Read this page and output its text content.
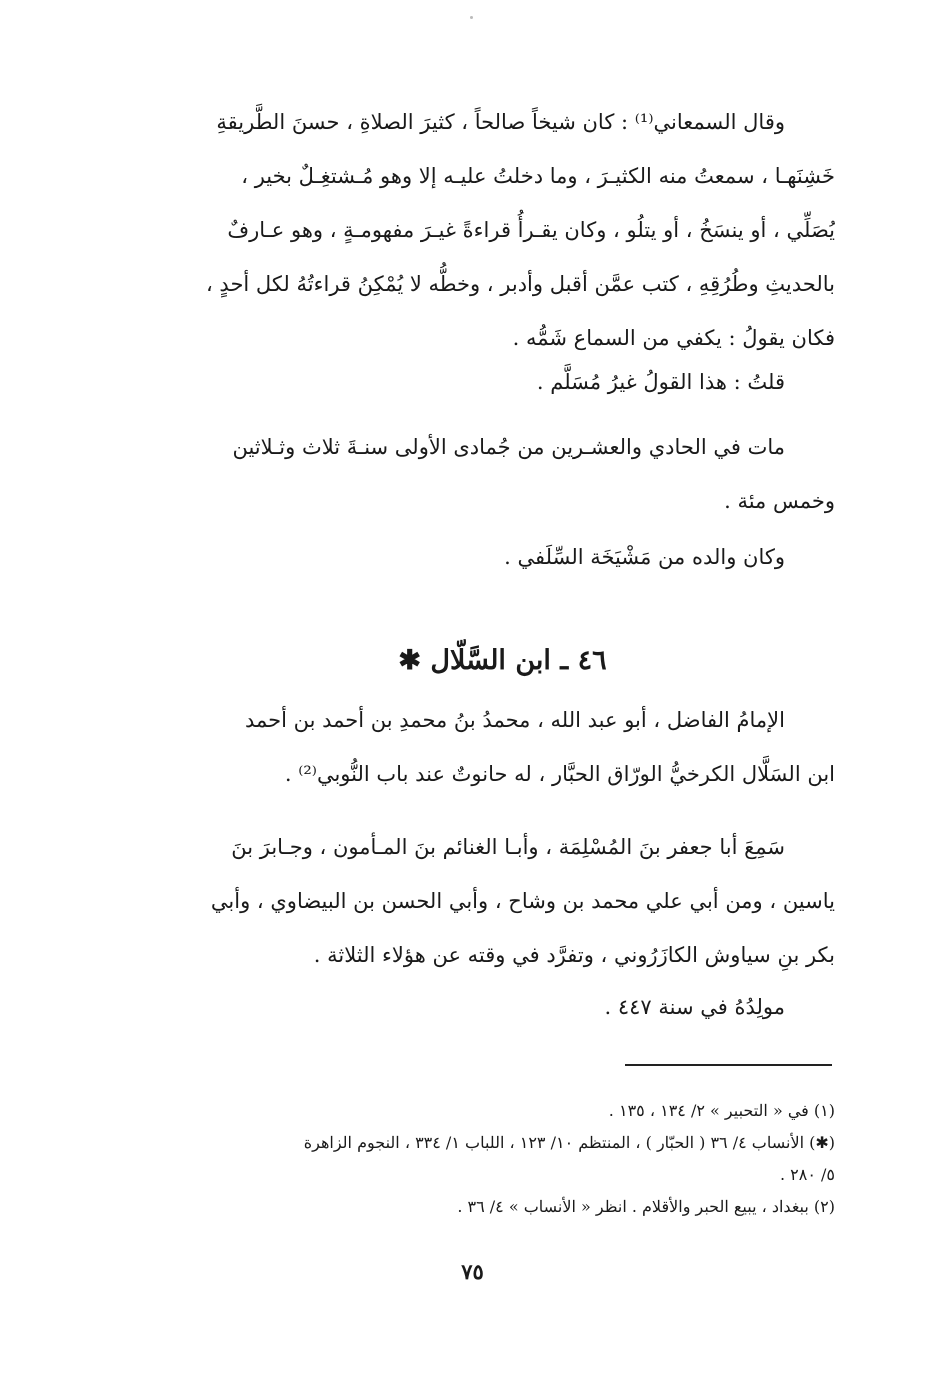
وقال السمعاني⁽¹⁾ : كان شيخاً صالحاً ، كثيرَ الصلاةِ ، حسنَ الطَّريقةِ
خَشِنَهـا ، سمعتُ منه الكثيـرَ ، وما دخلتُ عليـه إلا وهو مُـشتغِـلٌ بخير ،
يُصَلِّي ، أو ينسَخُ ، أو يتلُو ، وكان يقـرأُ قراءةً غيـرَ مفهومـةٍ ، وهو عـارفٌ
بالحديثِ وطُرُقِهِ ، كتب عمَّن أقبل وأدبر ، وخطُّه لا يُمْكِنُ قراءتُهُ لكل أحدٍ ،
فكان يقولُ : يكفي من السماع شَمُّه .
قلتُ : هذا القولُ غيرُ مُسَلَّم .
مات في الحادي والعشـرين من جُمادى الأولى سنـةَ ثلاث وثـلاثين
وخمس مئة .
وكان والده من مَشْيَخَة السِّلَفي .
٤٦ ـ ابن السَّلّال ✱
الإمامُ الفاضل ، أبو عبد الله ، محمدُ بنُ محمدِ بن أحمد بن أحمد
ابن السَلَّال الكرخيُّ الورّاق الحبَّار ، له حانوتٌ عند باب النُّوبي⁽²⁾ .
سَمِعَ أبا جعفر بنَ المُسْلِمَة ، وأبـا الغنائم بنَ المـأمون ، وجـابرَ بنَ
ياسين ، ومن أبي علي محمد بن وشاح ، وأبي الحسن بن البيضاوي ، وأبي
بكر بنِ سياوش الكازَرُوني ، وتفرَّد في وقته عن هؤلاء الثلاثة .
مولِدُهُ في سنة ٤٤٧ .
(١) في « التحبير » ٢/ ١٣٤ ، ١٣٥ .
(✱) الأنساب ٤/ ٣٦ ( الحبّار ) ، المنتظم ١٠/ ١٢٣ ، اللباب ١/ ٣٣٤ ، النجوم الزاهرة
٥/ ٢٨٠ .
(٢) ببغداد ، يبيع الحبر والأقلام . انظر « الأنساب » ٤/ ٣٦ .
٧٥
